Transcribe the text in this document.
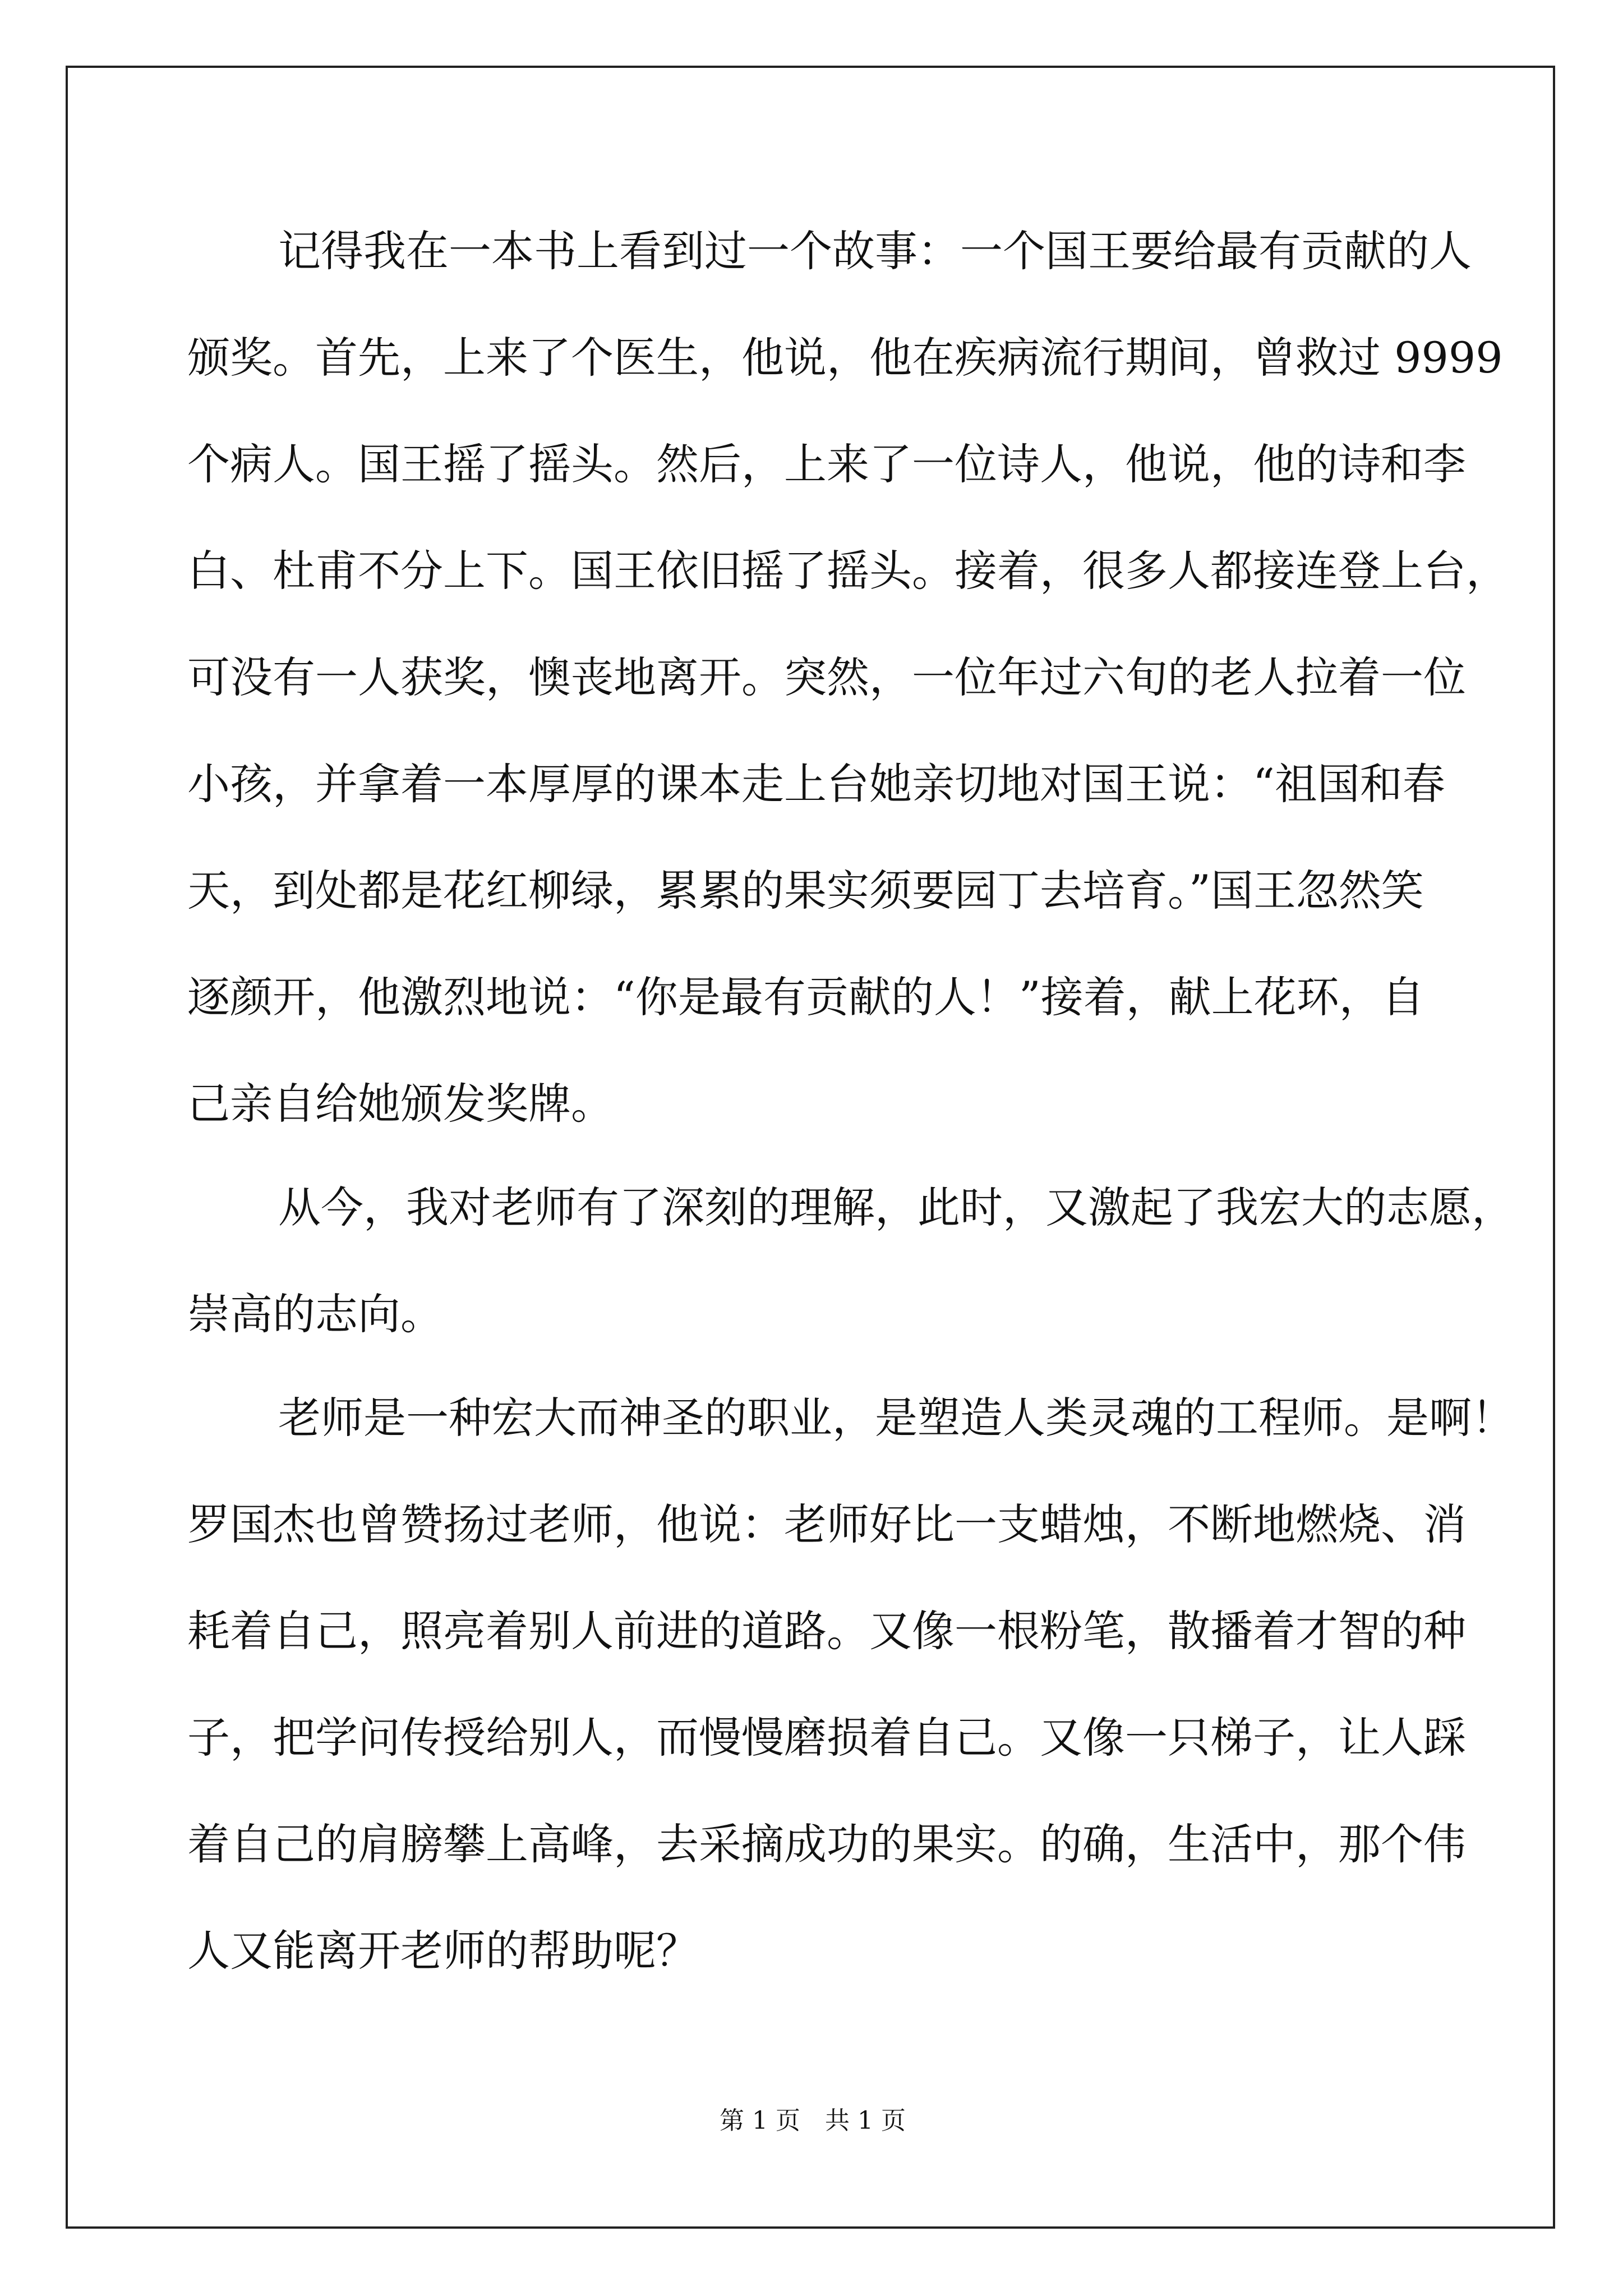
记得我在一本书上看到过一个故事：一个国王要给最有贡献的人

颁奖。首先，上来了个医生，他说，他在疾病流行期间，曾救过 9999

个病人。国王摇了摇头。然后，上来了一位诗人，他说，他的诗和李

白、杜甫不分上下。国王依旧摇了摇头。接着，很多人都接连登上台，

可没有一人获奖，懊丧地离开。突然，一位年过六旬的老人拉着一位

小孩，并拿着一本厚厚的课本走上台她亲切地对国王说：“祖国和春

天，到处都是花红柳绿，累累的果实须要园丁去培育。”国王忽然笑

逐颜开，他激烈地说：“你是最有贡献的人！”接着，献上花环，自

己亲自给她颁发奖牌。

从今，我对老师有了深刻的理解，此时，又激起了我宏大的志愿，

崇高的志向。

老师是一种宏大而神圣的职业，是塑造人类灵魂的工程师。是啊！

罗国杰也曾赞扬过老师，他说：老师好比一支蜡烛，不断地燃烧、消

耗着自己，照亮着别人前进的道路。又像一根粉笔，散播着才智的种

子，把学问传授给别人，而慢慢磨损着自己。又像一只梯子，让人踩

着自己的肩膀攀上高峰，去采摘成功的果实。的确，生活中，那个伟

人又能离开老师的帮助呢？

第 1 页　共 1 页
